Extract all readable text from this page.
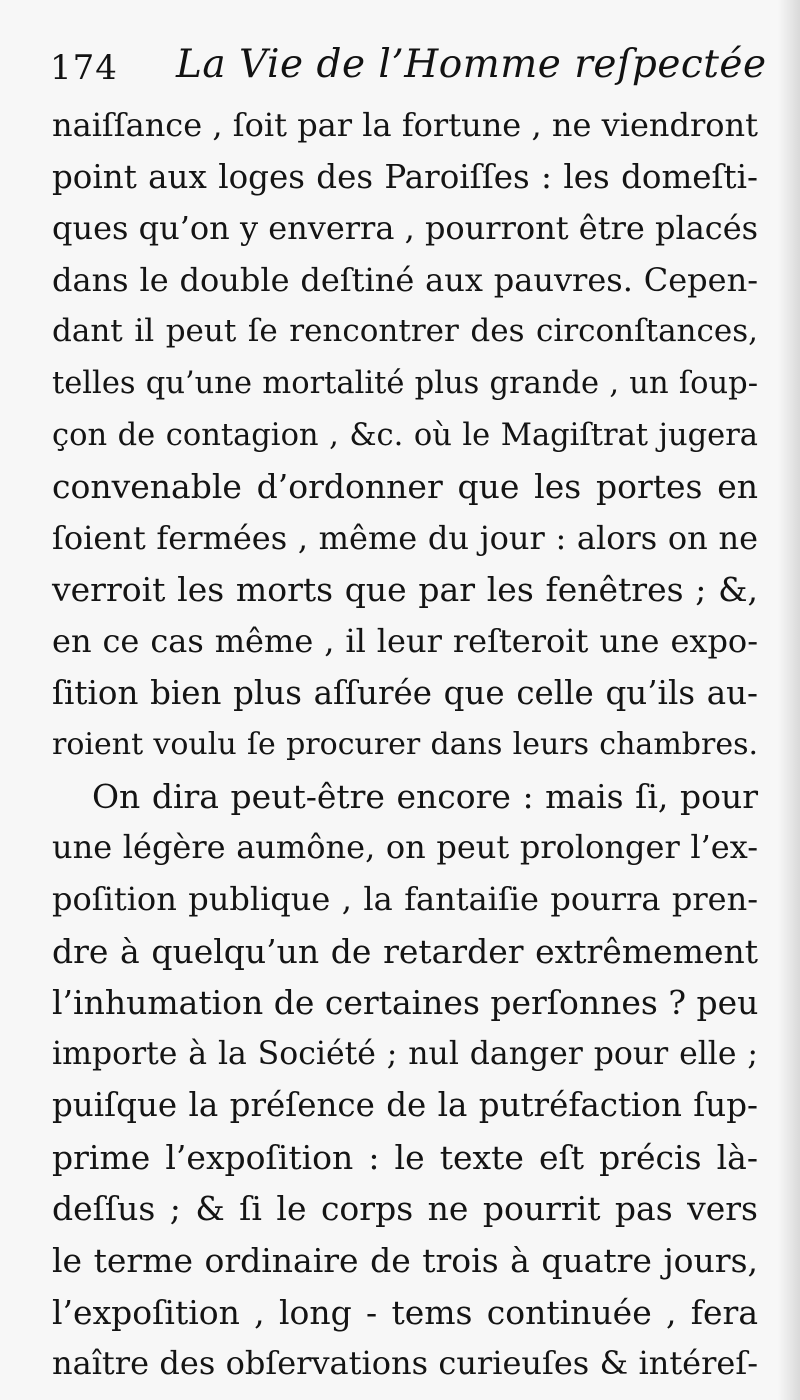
174 La Vie de l’Homme reſpectée
naiſſance , ſoit par la fortune , ne viendront
point aux loges des Paroiſſes : les domeſti-
ques qu’on y enverra , pourront être placés
dans le double deſtiné aux pauvres. Cepen-
dant il peut ſe rencontrer des circonſtances,
telles qu’une mortalité plus grande , un ſoup-
çon de contagion , &c. où le Magiſtrat jugera
convenable d’ordonner que les portes en
ſoient fermées , même du jour : alors on ne
verroit les morts que par les fenêtres ; &,
en ce cas même , il leur reſteroit une expo-
ſition bien plus aſſurée que celle qu’ils au-
roient voulu ſe procurer dans leurs chambres.
On dira peut-être encore : mais ſi, pour
une légère aumône, on peut prolonger l’ex-
poſition publique , la fantaiſie pourra pren-
dre à quelqu’un de retarder extrêmement
l’inhumation de certaines perſonnes ? peu
importe à la Société ; nul danger pour elle ;
puiſque la préſence de la putréfaction ſup-
prime l’expoſition : le texte eſt précis là-
deſſus ; & ſi le corps ne pourrit pas vers
le terme ordinaire de trois à quatre jours,
l’expoſition , long - tems continuée , fera
naître des obſervations curieuſes & intéreſ-
